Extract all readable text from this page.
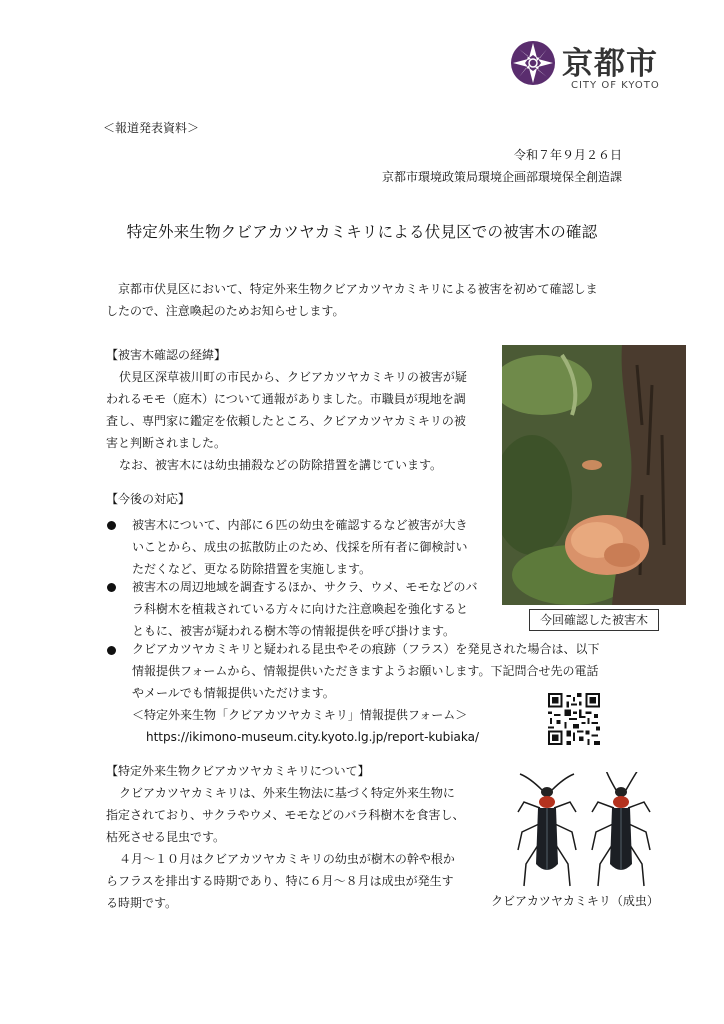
京都市
CITY OF KYOTO
＜報道発表資料＞
令和７年９月２６日
京都市環境政策局環境企画部環境保全創造課
特定外来生物クビアカツヤカミキリによる伏見区での被害木の確認
京都市伏見区において、特定外来生物クビアカツヤカミキリによる被害を初めて確認しま
したので、注意喚起のためお知らせします。
【被害木確認の経緯】
伏見区深草祓川町の市民から、クビアカツヤカミキリの被害が疑
われるモモ（庭木）について通報がありました。市職員が現地を調
査し、専門家に鑑定を依頼したところ、クビアカツヤカミキリの被
害と判断されました。
なお、被害木には幼虫捕殺などの防除措置を講じています。
今回確認した被害木
【今後の対応】
被害木について、内部に６匹の幼虫を確認するなど被害が大き
いことから、成虫の拡散防止のため、伐採を所有者に御検討い
ただくなど、更なる防除措置を実施します。
被害木の周辺地域を調査するほか、サクラ、ウメ、モモなどのバ
ラ科樹木を植栽されている方々に向けた注意喚起を強化すると
ともに、被害が疑われる樹木等の情報提供を呼び掛けます。
クビアカツヤカミキリと疑われる昆虫やその痕跡（フラス）を発見された場合は、以下
情報提供フォームから、情報提供いただきますようお願いします。下記問合せ先の電話
やメールでも情報提供いただけます。
＜特定外来生物「クビアカツヤカミキリ」情報提供フォーム＞
https://ikimono-museum.city.kyoto.lg.jp/report-kubiaka/
【特定外来生物クビアカツヤカミキリについて】
クビアカツヤカミキリは、外来生物法に基づく特定外来生物に
指定されており、サクラやウメ、モモなどのバラ科樹木を食害し、
枯死させる昆虫です。
４月～１０月はクビアカツヤカミキリの幼虫が樹木の幹や根か
らフラスを排出する時期であり、特に６月～８月は成虫が発生す
る時期です。	クビアカツヤカミキリ（成虫）
